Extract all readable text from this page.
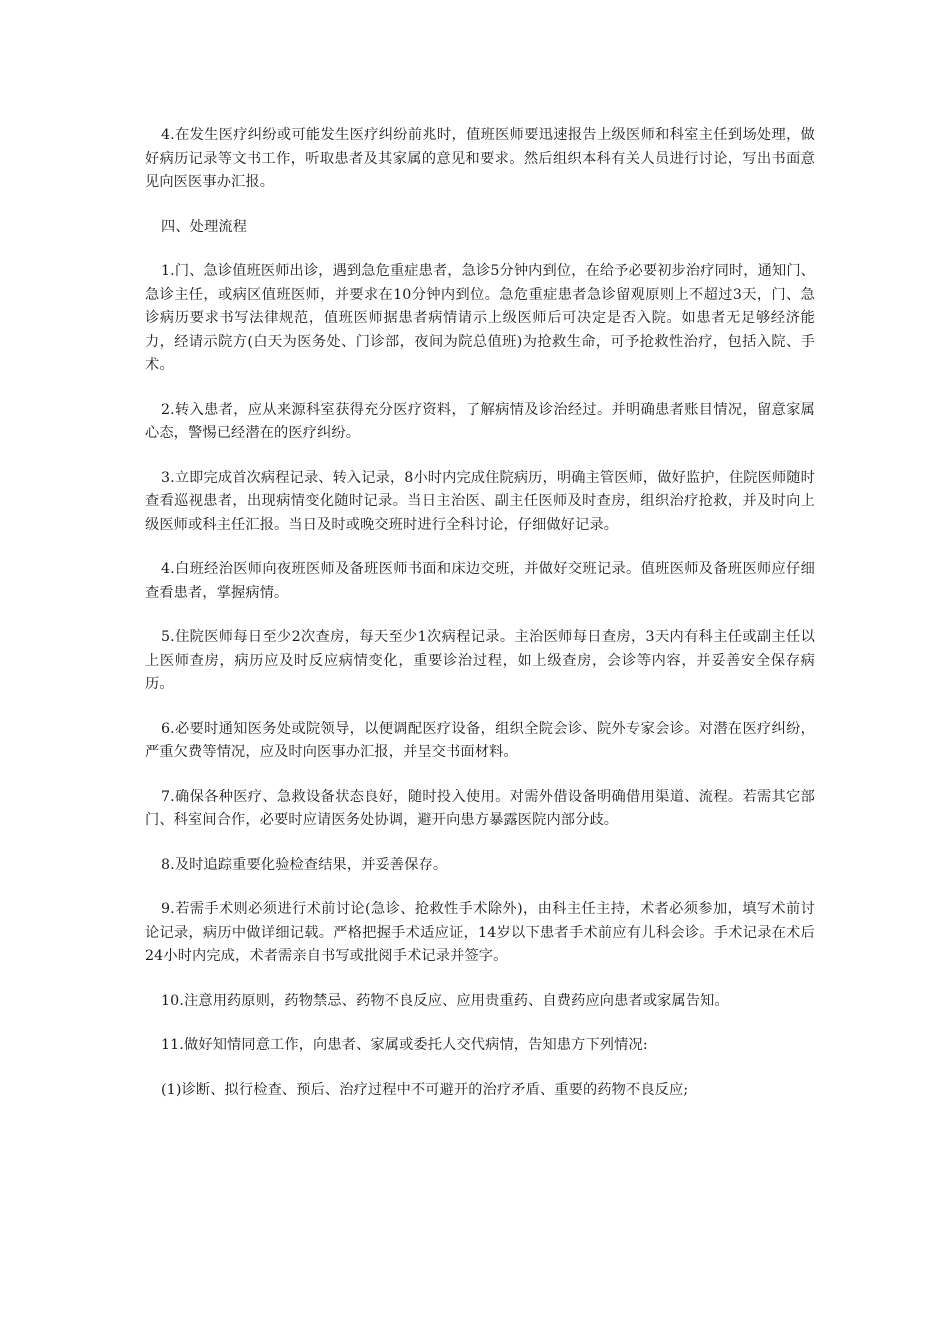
4.在发生医疗纠纷或可能发生医疗纠纷前兆时，值班医师要迅速报告上级医师和科室主任到场处理，做好病历记录等文书工作，听取患者及其家属的意见和要求。然后组织本科有关人员进行讨论，写出书面意见向医医事办汇报。

四、处理流程

1.门、急诊值班医师出诊，遇到急危重症患者，急诊5分钟内到位，在给予必要初步治疗同时，通知门、急诊主任，或病区值班医师，并要求在10分钟内到位。急危重症患者急诊留观原则上不超过3天，门、急诊病历要求书写法律规范，值班医师据患者病情请示上级医师后可决定是否入院。如患者无足够经济能力，经请示院方(白天为医务处、门诊部，夜间为院总值班)为抢救生命，可予抢救性治疗，包括入院、手术。

2.转入患者，应从来源科室获得充分医疗资料，了解病情及诊治经过。并明确患者账目情况，留意家属心态，警惕已经潜在的医疗纠纷。

3.立即完成首次病程记录、转入记录，8小时内完成住院病历，明确主管医师，做好监护，住院医师随时查看巡视患者，出现病情变化随时记录。当日主治医、副主任医师及时查房，组织治疗抢救，并及时向上级医师或科主任汇报。当日及时或晚交班时进行全科讨论，仔细做好记录。

4.白班经治医师向夜班医师及备班医师书面和床边交班，并做好交班记录。值班医师及备班医师应仔细查看患者，掌握病情。

5.住院医师每日至少2次查房，每天至少1次病程记录。主治医师每日查房，3天内有科主任或副主任以上医师查房，病历应及时反应病情变化，重要诊治过程，如上级查房，会诊等内容，并妥善安全保存病历。

6.必要时通知医务处或院领导，以便调配医疗设备，组织全院会诊、院外专家会诊。对潜在医疗纠纷，严重欠费等情况，应及时向医事办汇报，并呈交书面材料。

7.确保各种医疗、急救设备状态良好，随时投入使用。对需外借设备明确借用渠道、流程。若需其它部门、科室间合作，必要时应请医务处协调，避开向患方暴露医院内部分歧。

8.及时追踪重要化验检查结果，并妥善保存。

9.若需手术则必须进行术前讨论(急诊、抢救性手术除外)，由科主任主持，术者必须参加，填写术前讨论记录，病历中做详细记载。严格把握手术适应证，14岁以下患者手术前应有儿科会诊。手术记录在术后24小时内完成，术者需亲自书写或批阅手术记录并签字。

10.注意用药原则，药物禁忌、药物不良反应、应用贵重药、自费药应向患者或家属告知。

11.做好知情同意工作，向患者、家属或委托人交代病情，告知患方下列情况:

(1)诊断、拟行检查、预后、治疗过程中不可避开的治疗矛盾、重要的药物不良反应;
